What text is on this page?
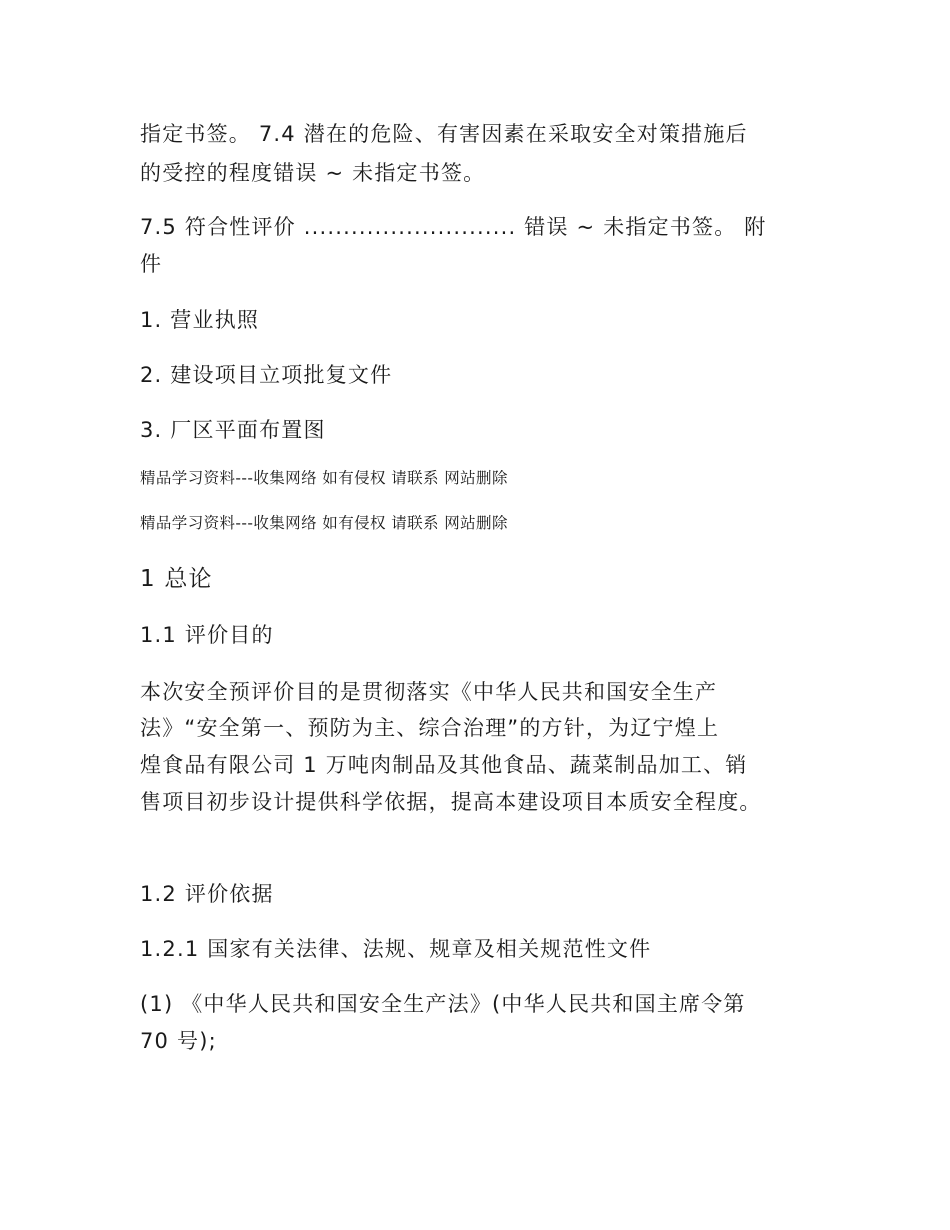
指定书签。 7.4 潜在的危险、有害因素在采取安全对策措施后
的受控的程度错误 ~ 未指定书签。
7.5 符合性评价 ........................... 错误 ~ 未指定书签。 附
件
1. 营业执照
2. 建设项目立项批复文件
3. 厂区平面布置图
精品学习资料---收集网络 如有侵权 请联系 网站删除
精品学习资料---收集网络 如有侵权 请联系 网站删除
1 总论
1.1 评价目的
本次安全预评价目的是贯彻落实《中华人民共和国安全生产
法》“安全第一、预防为主、综合治理”的方针，为辽宁煌上
煌食品有限公司 1 万吨肉制品及其他食品、蔬菜制品加工、销
售项目初步设计提供科学依据，提高本建设项目本质安全程度。
1.2 评价依据
1.2.1 国家有关法律、法规、规章及相关规范性文件
(1) 《中华人民共和国安全生产法》(中华人民共和国主席令第
70 号);
